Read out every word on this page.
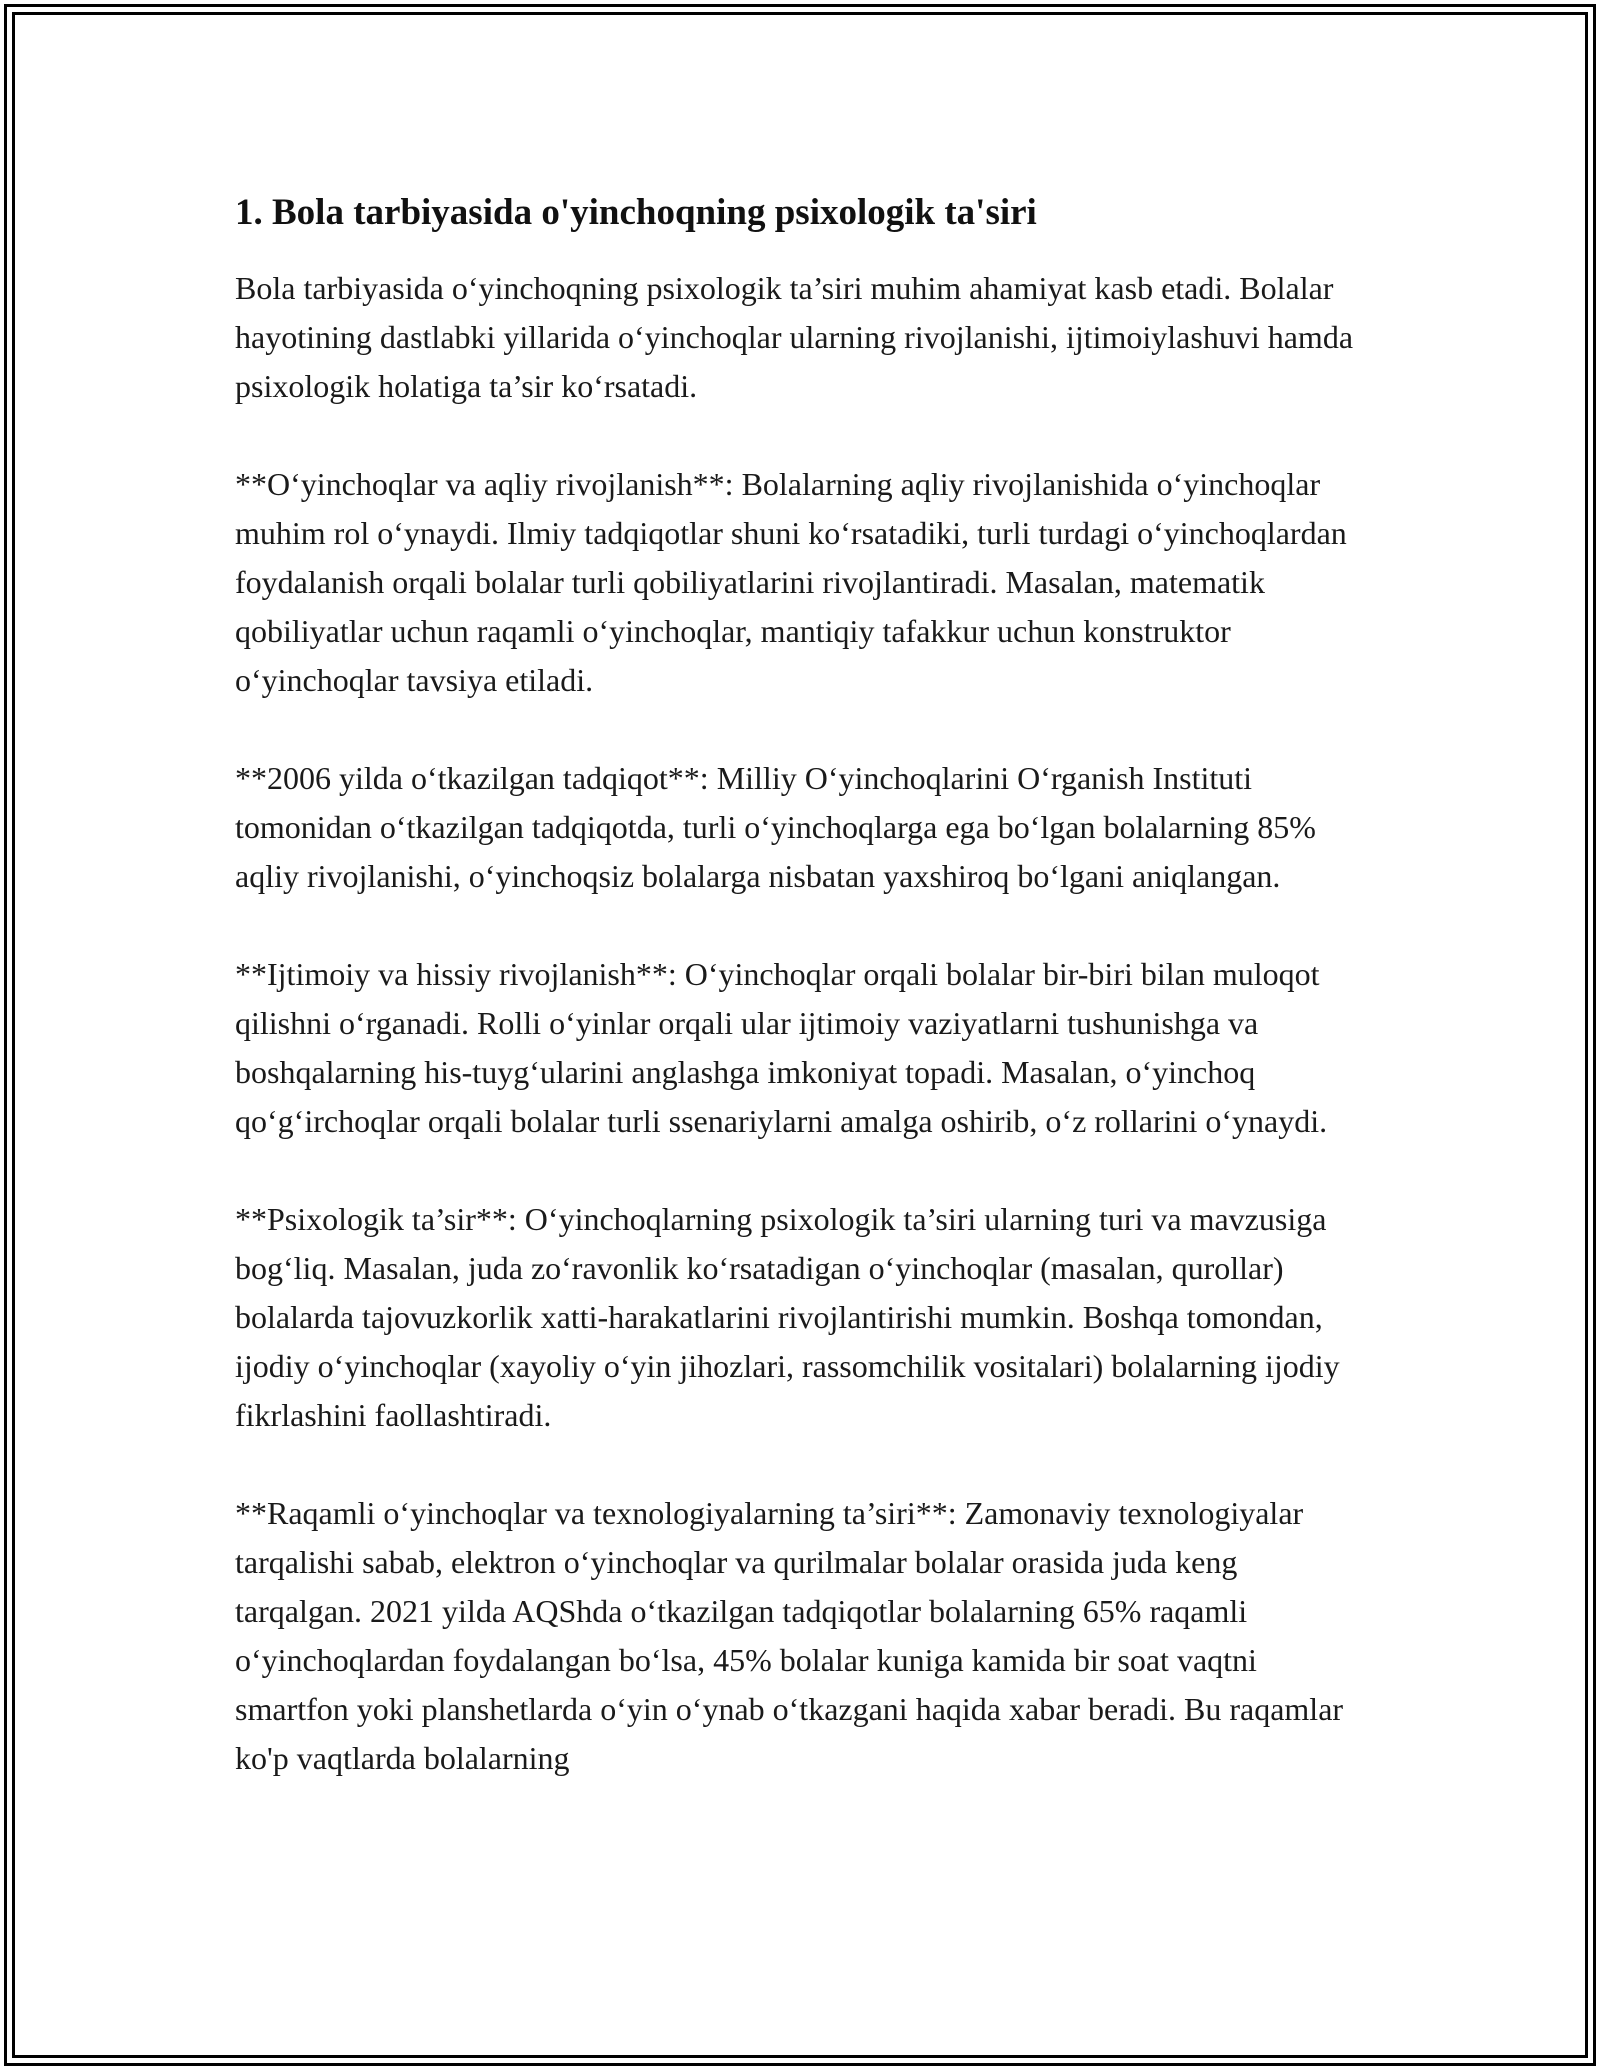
1. Bola tarbiyasida o'yinchoqning psixologik ta'siri

Bola tarbiyasida o‘yinchoqning psixologik ta’siri muhim ahamiyat kasb etadi. Bolalar hayotining dastlabki yillarida o‘yinchoqlar ularning rivojlanishi, ijtimoiylashuvi hamda psixologik holatiga ta’sir ko‘rsatadi.

**O‘yinchoqlar va aqliy rivojlanish**: Bolalarning aqliy rivojlanishida o‘yinchoqlar muhim rol o‘ynaydi. Ilmiy tadqiqotlar shuni ko‘rsatadiki, turli turdagi o‘yinchoqlardan foydalanish orqali bolalar turli qobiliyatlarini rivojlantiradi. Masalan, matematik qobiliyatlar uchun raqamli o‘yinchoqlar, mantiqiy tafakkur uchun konstruktor o‘yinchoqlar tavsiya etiladi.

**2006 yilda o‘tkazilgan tadqiqot**: Milliy O‘yinchoqlarini O‘rganish Instituti tomonidan o‘tkazilgan tadqiqotda, turli o‘yinchoqlarga ega bo‘lgan bolalarning 85% aqliy rivojlanishi, o‘yinchoqsiz bolalarga nisbatan yaxshiroq bo‘lgani aniqlangan.

**Ijtimoiy va hissiy rivojlanish**: O‘yinchoqlar orqali bolalar bir-biri bilan muloqot qilishni o‘rganadi. Rolli o‘yinlar orqali ular ijtimoiy vaziyatlarni tushunishga va boshqalarning his-tuyg‘ularini anglashga imkoniyat topadi. Masalan, o‘yinchoq qo‘g‘irchoqlar orqali bolalar turli ssenariylarni amalga oshirib, o‘z rollarini o‘ynaydi.

**Psixologik ta’sir**: O‘yinchoqlarning psixologik ta’siri ularning turi va mavzusiga bog‘liq. Masalan, juda zo‘ravonlik ko‘rsatadigan o‘yinchoqlar (masalan, qurollar) bolalarda tajovuzkorlik xatti-harakatlarini rivojlantirishi mumkin. Boshqa tomondan, ijodiy o‘yinchoqlar (xayoliy o‘yin jihozlari, rassomchilik vositalari) bolalarning ijodiy fikrlashini faollashtiradi.

**Raqamli o‘yinchoqlar va texnologiyalarning ta’siri**: Zamonaviy texnologiyalar tarqalishi sabab, elektron o‘yinchoqlar va qurilmalar bolalar orasida juda keng tarqalgan. 2021 yilda AQShda o‘tkazilgan tadqiqotlar bolalarning 65% raqamli o‘yinchoqlardan foydalangan bo‘lsa, 45% bolalar kuniga kamida bir soat vaqtni smartfon yoki planshetlarda o‘yin o‘ynab o‘tkazgani haqida xabar beradi. Bu raqamlar ko'p vaqtlarda bolalarning
